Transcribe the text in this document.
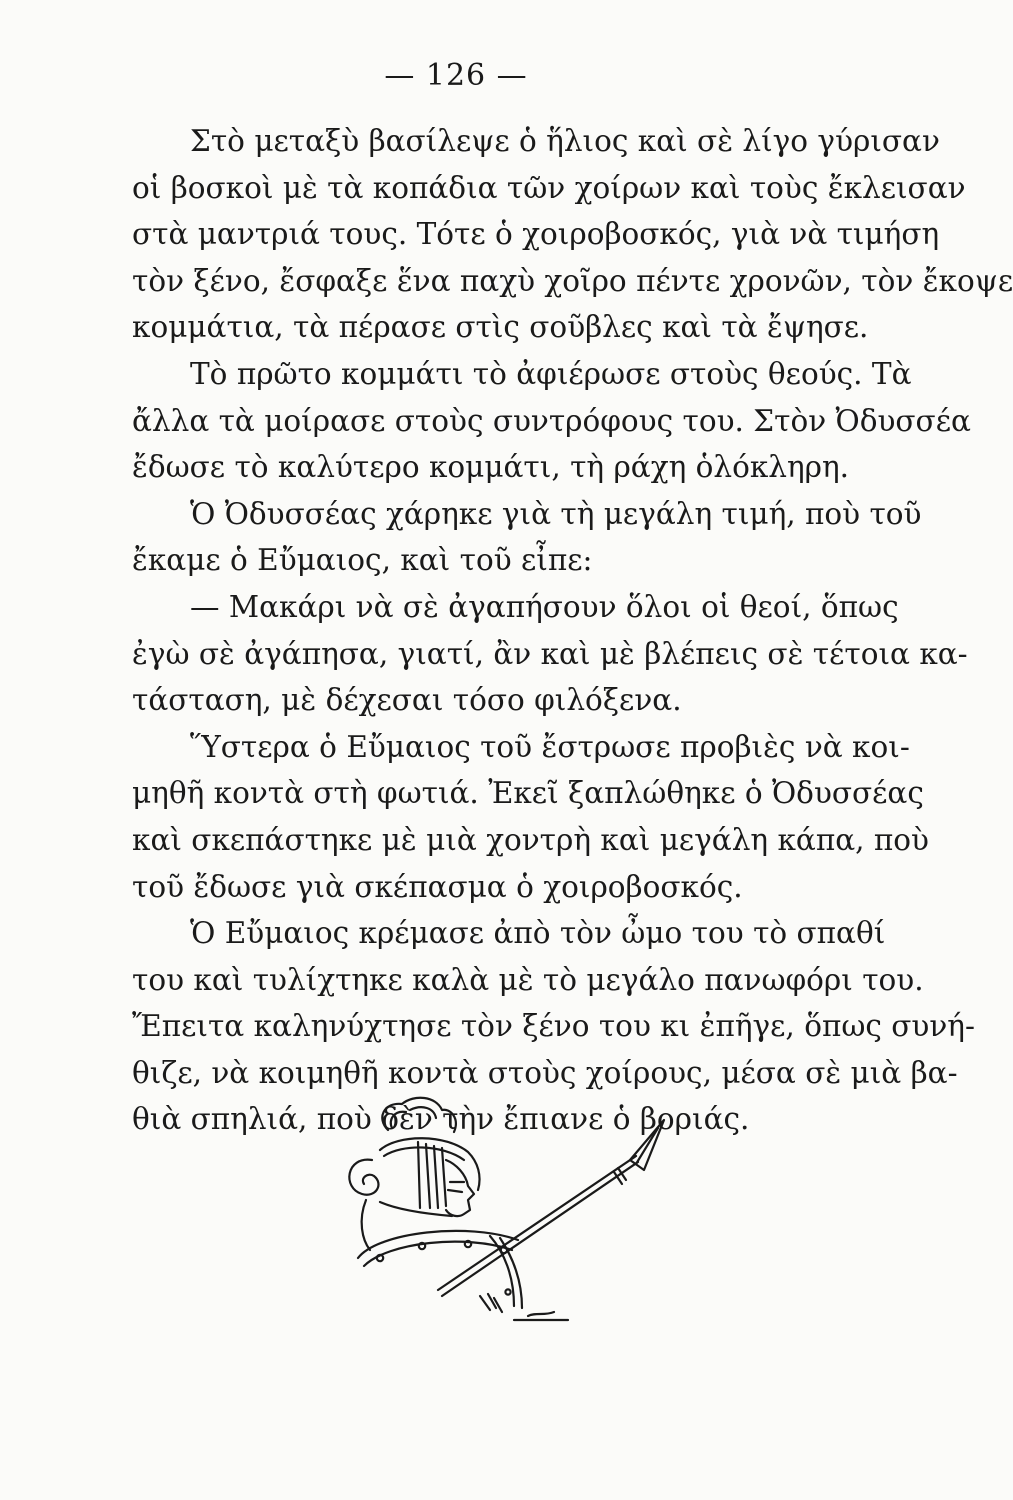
— 126 —
Στὸ μεταξὺ βασίλεψε ὁ ἥλιος καὶ σὲ λίγο γύρισαν
οἱ βοσκοὶ μὲ τὰ κοπάδια τῶν χοίρων καὶ τοὺς ἔκλεισαν
στὰ μαντριά τους. Τότε ὁ χοιροβοσκός, γιὰ νὰ τιμήση
τὸν ξένο, ἔσφαξε ἕνα παχὺ χοῖρο πέντε χρονῶν, τὸν ἔκοψε
κομμάτια, τὰ πέρασε στὶς σοῦβλες καὶ τὰ ἔψησε.
Τὸ πρῶτο κομμάτι τὸ ἀφιέρωσε στοὺς θεούς. Τὰ
ἄλλα τὰ μοίρασε στοὺς συντρόφους του. Στὸν Ὀδυσσέα
ἔδωσε τὸ καλύτερο κομμάτι, τὴ ράχη ὁλόκληρη.
Ὁ Ὀδυσσέας χάρηκε γιὰ τὴ μεγάλη τιμή, ποὺ τοῦ
ἔκαμε ὁ Εὔμαιος, καὶ τοῦ εἶπε:
— Μακάρι νὰ σὲ ἀγαπήσουν ὅλοι οἱ θεοί, ὅπως
ἐγὼ σὲ ἀγάπησα, γιατί, ἂν καὶ μὲ βλέπεις σὲ τέτοια κα-
τάσταση, μὲ δέχεσαι τόσο φιλόξενα.
Ὕστερα ὁ Εὔμαιος τοῦ ἔστρωσε προβιὲς νὰ κοι-
μηθῆ κοντὰ στὴ φωτιά. Ἐκεῖ ξαπλώθηκε ὁ Ὀδυσσέας
καὶ σκεπάστηκε μὲ μιὰ χοντρὴ καὶ μεγάλη κάπα, ποὺ
τοῦ ἔδωσε γιὰ σκέπασμα ὁ χοιροβοσκός.
Ὁ Εὔμαιος κρέμασε ἀπὸ τὸν ὦμο του τὸ σπαθί
του καὶ τυλίχτηκε καλὰ μὲ τὸ μεγάλο πανωφόρι του.
Ἔπειτα καληνύχτησε τὸν ξένο του κι ἐπῆγε, ὅπως συνή-
θιζε, νὰ κοιμηθῆ κοντὰ στοὺς χοίρους, μέσα σὲ μιὰ βα-
θιὰ σπηλιά, ποὺ δὲν τὴν ἔπιανε ὁ βοριάς.
